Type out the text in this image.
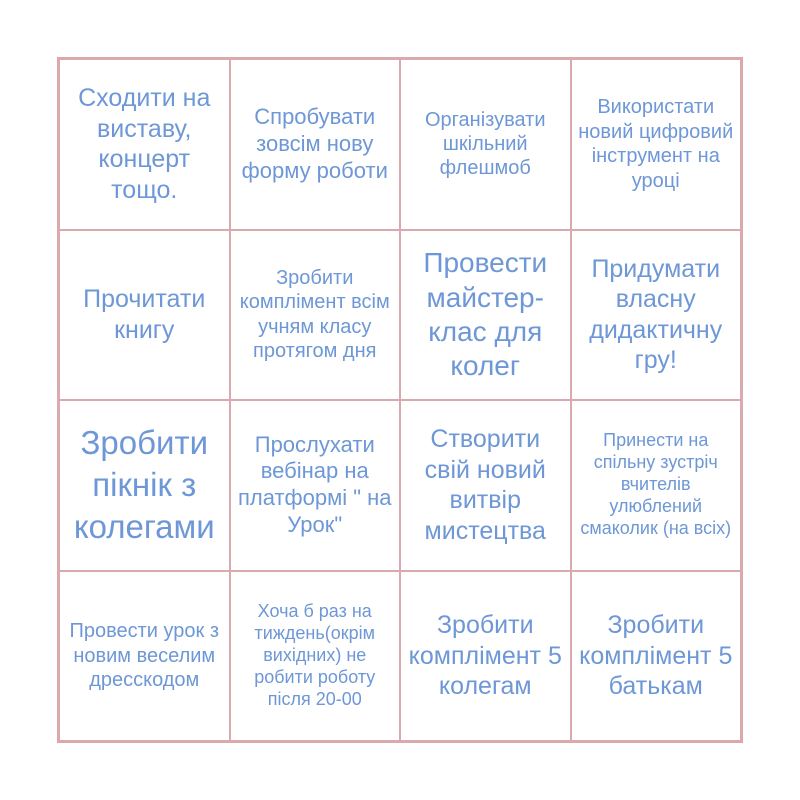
Сходити на виставу, концерт тощо.
Спробувати зовсім нову форму роботи
Організувати шкільний флешмоб
Використати новий цифровий інструмент на уроці
Прочитати книгу
Зробити комплімент всім учням класу протягом дня
Провести майстер-клас для колег
Придумати власну дидактичну гру!
Зробити пікнік з колегами
Прослухати вебінар на платформі " на Урок"
Створити свій новий витвір мистецтва
Принести на спільну зустріч вчителів улюблений смаколик (на всіх)
Провести урок з новим веселим дресскодом
Хоча б раз на тиждень(окрім вихідних) не робити роботу після 20-00
Зробити комплімент 5 колегам
Зробити комплімент 5 батькам
